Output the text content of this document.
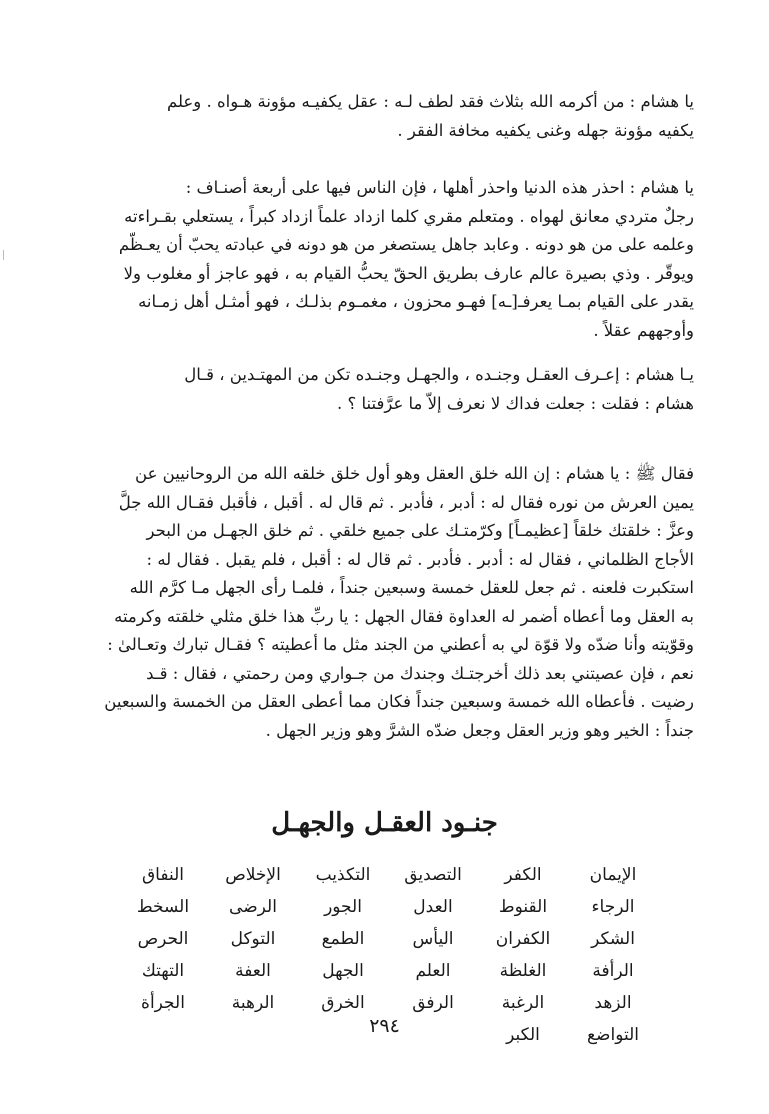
يا هشام : من أكرمه الله بثلاث فقد لطف لـه : عقل يكفيـه مؤونة هـواه . وعلم
يكفيه مؤونة جهله وغنى يكفيه مخافة الفقر .
يا هشام : احذر هذه الدنيا واحذر أهلها ، فإن الناس فيها على أربعة أصنـاف :
رجلٌ متردي معانق لهواه . ومتعلم مقري كلما ازداد علماً ازداد كبراً ، يستعلي بقـراءته
وعلمه على من هو دونه . وعابد جاهل يستصغر من هو دونه في عبادته يحبّ أن يعـظّم
ويوقّر . وذي بصيرة عالم عارف بطريق الحقّ يحبُّ القيام به ، فهو عاجز أو مغلوب ولا
يقدر على القيام بمـا يعرفـ[ـه] فهـو محزون ، مغمـوم بذلـك ، فهو أمثـل أهل زمـانه
وأوجههم عقلاً .
يـا هشام : إعـرف العقـل وجنـده ، والجهـل وجنـده تكن من المهتـدين ، قـال
هشام : فقلت : جعلت فداك لا نعرف إلاّ ما عرَّفتنا ؟ .
فقال ﷺ : يا هشام : إن الله خلق العقل وهو أول خلق خلقه الله من الروحانيين عن
يمين العرش من نوره فقال له : أدبر ، فأدبر . ثم قال له . أقبل ، فأقبل فقـال الله جلَّ
وعزَّ : خلقتك خلقاً [عظيمـاً] وكرّمتـك على جميع خلقي . ثم خلق الجهـل من البحر
الأجاج الظلماني ، فقال له : أدبر . فأدبر . ثم قال له : أقبل ، فلم يقبل . فقال له :
استكبرت فلعنه . ثم جعل للعقل خمسة وسبعين جنداً ، فلمـا رأى الجهل مـا كرَّم الله
به العقل وما أعطاه أضمر له العداوة فقال الجهل : يا ربِّ هذا خلق مثلي خلقته وكرمته
وقوّيته وأنا ضدّه ولا قوّة لي به أعطني من الجند مثل ما أعطيته ؟ فقـال تبارك وتعـالىٰ :
نعم ، فإن عصيتني بعد ذلك أخرجتـك وجندك من جـواري ومن رحمتي ، فقال : قـد
رضيت . فأعطاه الله خمسة وسبعين جنداً فكان مما أعطى العقل من الخمسة والسبعين
جنداً : الخير وهو وزير العقل وجعل ضدّه الشرَّ وهو وزير الجهل .
جنـود العقـل والجهـل
الإيمان
الكفر
التصديق
التكذيب
الإخلاص
النفاق
الرجاء
القنوط
العدل
الجور
الرضى
السخط
الشكر
الكفران
اليأس
الطمع
التوكل
الحرص
الرأفة
الغلظة
العلم
الجهل
العفة
التهتك
الزهد
الرغبة
الرفق
الخرق
الرهبة
الجرأة
التواضع
الكبر
٢٩٤
